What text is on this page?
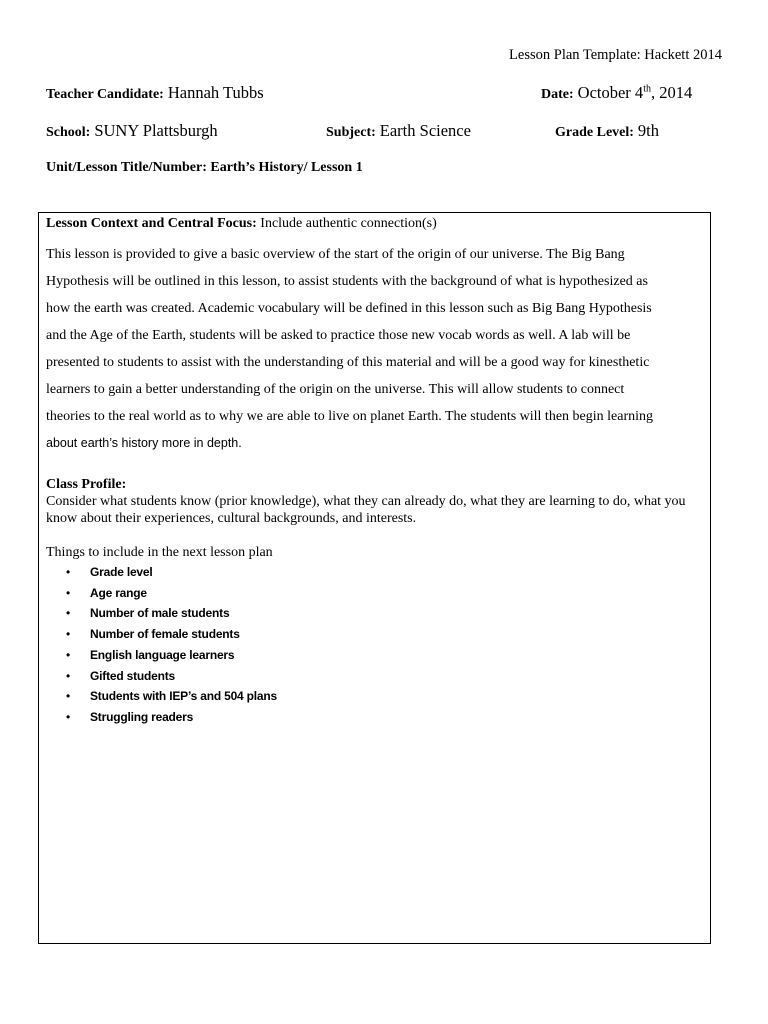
Lesson Plan Template: Hackett 2014
Teacher Candidate: Hannah Tubbs	Date: October 4th, 2014
School: SUNY Plattsburgh	Subject: Earth Science	Grade Level: 9th
Unit/Lesson Title/Number: Earth’s History/ Lesson 1
Lesson Context and Central Focus: Include authentic connection(s)
This lesson is provided to give a basic overview of the start of the origin of our universe. The Big Bang
Hypothesis will be outlined in this lesson, to assist students with the background of what is hypothesized as
how the earth was created. Academic vocabulary will be defined in this lesson such as Big Bang Hypothesis
and the Age of the Earth, students will be asked to practice those new vocab words as well. A lab will be
presented to students to assist with the understanding of this material and will be a good way for kinesthetic
learners to gain a better understanding of the origin on the universe. This will allow students to connect
theories to the real world as to why we are able to live on planet Earth. The students will then begin learning
about earth’s history more in depth.
Class Profile:
Consider what students know (prior knowledge), what they can already do, what they are learning to do, what you know about their experiences, cultural backgrounds, and interests.
Things to include in the next lesson plan
• Grade level
• Age range
• Number of male students
• Number of female students
• English language learners
• Gifted students
• Students with IEP’s and 504 plans
• Struggling readers
